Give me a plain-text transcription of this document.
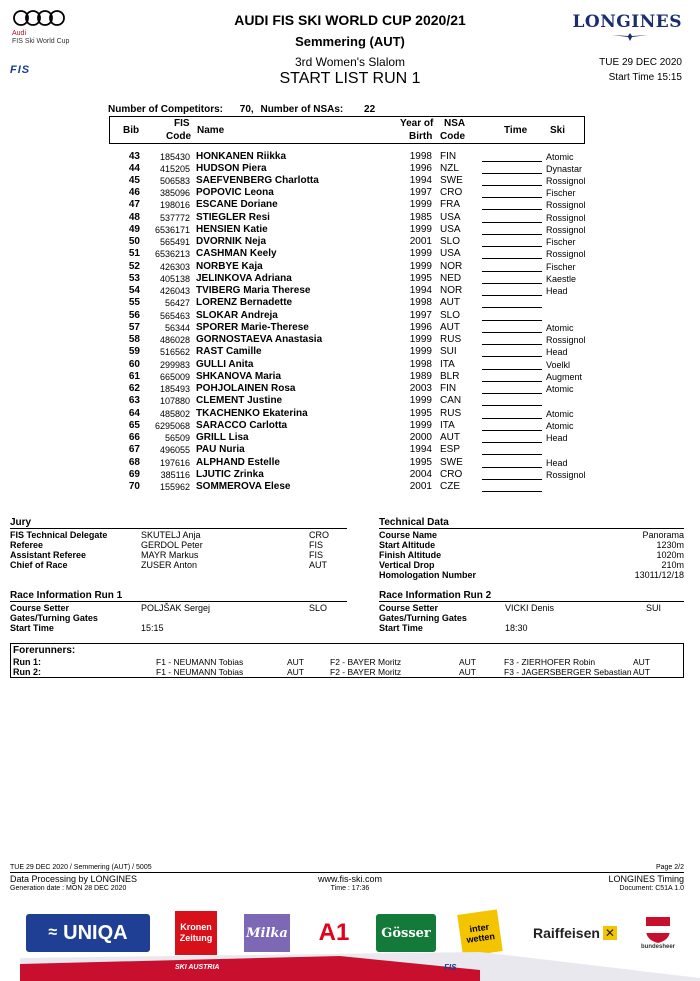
Audi
FIS Ski World Cup
FIS
AUDI FIS SKI WORLD CUP 2020/21
Semmering (AUT)
3rd Women's Slalom
START LIST RUN 1
LONGINES
TUE 29 DEC 2020
Start Time 15:15
Number of Competitors: 70, Number of NSAs: 22
Bib
FIS
Code
Name
Year of
Birth
NSA
Code
Time Ski
43	185430 HONKANEN Riikka	1998 FIN	Atomic
44	415205 HUDSON Piera	1996 NZL	Dynastar
45	506583 SAEFVENBERG Charlotta	1994 SWE	Rossignol
46	385096 POPOVIC Leona	1997 CRO	Fischer
47	198016 ESCANE Doriane	1999 FRA	Rossignol
48	537772 STIEGLER Resi	1985 USA	Rossignol
49	6536171 HENSIEN Katie	1999 USA	Rossignol
50	565491 DVORNIK Neja	2001 SLO	Fischer
51	6536213 CASHMAN Keely	1999 USA	Rossignol
52	426303 NORBYE Kaja	1999 NOR	Fischer
53	405138 JELINKOVA Adriana	1995 NED	Kaestle
54	426043 TVIBERG Maria Therese	1994 NOR	Head
55	56427 LORENZ Bernadette	1998 AUT
56	565463 SLOKAR Andreja	1997 SLO
57	56344 SPORER Marie-Therese	1996 AUT	Atomic
58	486028 GORNOSTAEVA Anastasia	1999 RUS	Rossignol
59	516562 RAST Camille	1999 SUI	Head
60	299983 GULLI Anita	1998 ITA	Voelkl
61	665009 SHKANOVA Maria	1989 BLR	Augment
62	185493 POHJOLAINEN Rosa	2003 FIN	Atomic
63	107880 CLEMENT Justine	1999 CAN
64	485802 TKACHENKO Ekaterina	1995 RUS	Atomic
65	6295068 SARACCO Carlotta	1999 ITA	Atomic
66	56509 GRILL Lisa	2000 AUT	Head
67	496055 PAU Nuria	1994 ESP
68	197616 ALPHAND Estelle	1995 SWE	Head
69	385116 LJUTIC Zrinka	2004 CRO	Rossignol
70	155962 SOMMEROVA Elese	2001 CZE
Jury
FIS Technical Delegate	SKUTELJ Anja	CRO
Referee	GERDOL Peter	FIS
Assistant Referee	MAYR Markus	FIS
Chief of Race	ZUSER Anton	AUT
Technical Data
Course Name	Panorama
Start Altitude	1230m
Finish Altitude	1020m
Vertical Drop	210m
Homologation Number	13011/12/18
Race Information Run 1
Course Setter	POLJŠAK Sergej	SLO
Gates/Turning Gates
Start Time	15:15
Race Information Run 2
Course Setter	VICKI Denis	SUI
Gates/Turning Gates
Start Time	18:30
Forerunners:
Run 1:	F1 - NEUMANN Tobias	AUT	F2 - BAYER Moritz	AUT	F3 - ZIERHOFER Robin	AUT
Run 2:	F1 - NEUMANN Tobias	AUT	F2 - BAYER Moritz	AUT	F3 - JAGERSBERGER Sebastian AUT
TUE 29 DEC 2020 / Semmering (AUT) / 5005	Page 2/2
Data Processing by LONGINES	www.fis-ski.com	LONGINES Timing
Generation date : MON 28 DEC 2020	Time : 17:36	Document: C51A 1.0
≈ UNIQA	Kronen
Zeitung	Milka A1	Gösser	inter
wetten	Raiffeisen ✕
bundesheer
SKI AUSTRIA	FIS
